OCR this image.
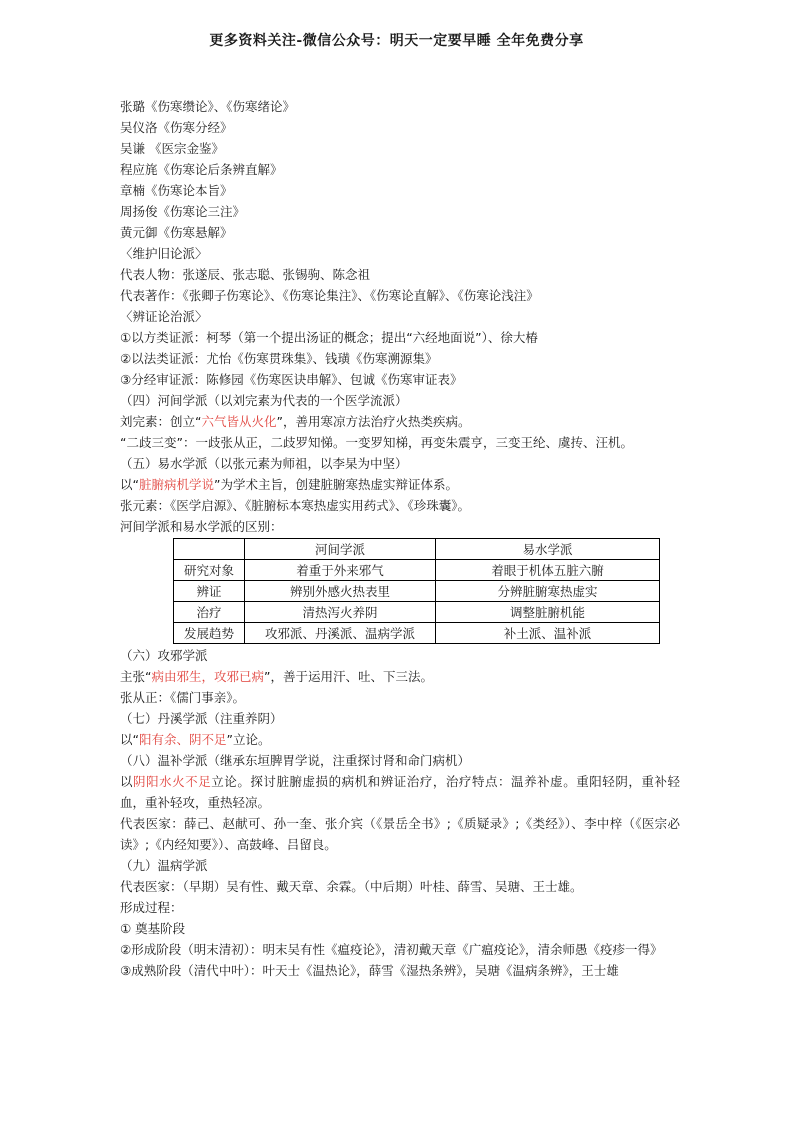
更多资料关注-微信公众号：明天一定要早睡 全年免费分享
张璐《伤寒缵论》、《伤寒绪论》
吴仪洛《伤寒分经》
吴谦 《医宗金鉴》
程应旄《伤寒论后条辨直解》
章楠《伤寒论本旨》
周扬俊《伤寒论三注》
黄元御《伤寒悬解》
〈维护旧论派〉
代表人物：张遂辰、张志聪、张锡驹、陈念祖
代表著作：《张卿子伤寒论》、《伤寒论集注》、《伤寒论直解》、《伤寒论浅注》
〈辨证论治派〉
①以方类证派：柯琴（第一个提出汤证的概念；提出“六经地面说”）、徐大椿
②以法类证派：尤怡《伤寒贯珠集》、钱璜《伤寒溯源集》
③分经审证派：陈修园《伤寒医诀串解》、包诚《伤寒审证表》
（四）河间学派（以刘完素为代表的一个医学流派）
刘完素：创立“六气皆从火化”，善用寒凉方法治疗火热类疾病。
“二歧三变”：一歧张从正，二歧罗知悌。一变罗知梯，再变朱震亨，三变王纶、虞抟、汪机。
（五）易水学派（以张元素为师祖，以李杲为中坚）
以“脏腑病机学说”为学术主旨，创建脏腑寒热虚实辩证体系。
张元素：《医学启源》、《脏腑标本寒热虚实用药式》、《珍珠囊》。
河间学派和易水学派的区别：
	河间学派	易水学派
研究对象	着重于外来邪气	着眼于机体五脏六腑
辨证	辨别外感火热表里	分辨脏腑寒热虚实
治疗	清热泻火养阴	调整脏腑机能
发展趋势	攻邪派、丹溪派、温病学派	补土派、温补派
（六）攻邪学派
主张“病由邪生，攻邪已病”，善于运用汗、吐、下三法。
张从正：《儒门事亲》。
（七）丹溪学派（注重养阴）
以“阳有余、阴不足”立论。
（八）温补学派（继承东垣脾胃学说，注重探讨肾和命门病机）
以阴阳水火不足立论。探讨脏腑虚损的病机和辨证治疗，治疗特点：温养补虚。重阳轻阴，重补轻血，重补轻攻，重热轻凉。
代表医家：薛己、赵献可、孙一奎、张介宾（《景岳全书》;《质疑录》;《类经》）、李中梓（《医宗必读》;《内经知要》）、高鼓峰、吕留良。
（九）温病学派
代表医家：（早期）吴有性、戴天章、余霖。（中后期）叶桂、薛雪、吴瑭、王士雄。
形成过程：
① 奠基阶段
②形成阶段（明末清初）：明末吴有性《瘟疫论》，清初戴天章《广瘟疫论》，清余师愚《疫疹一得》
③成熟阶段（清代中叶）：叶天士《温热论》，薛雪《湿热条辨》，吴瑭《温病条辨》，王士雄
